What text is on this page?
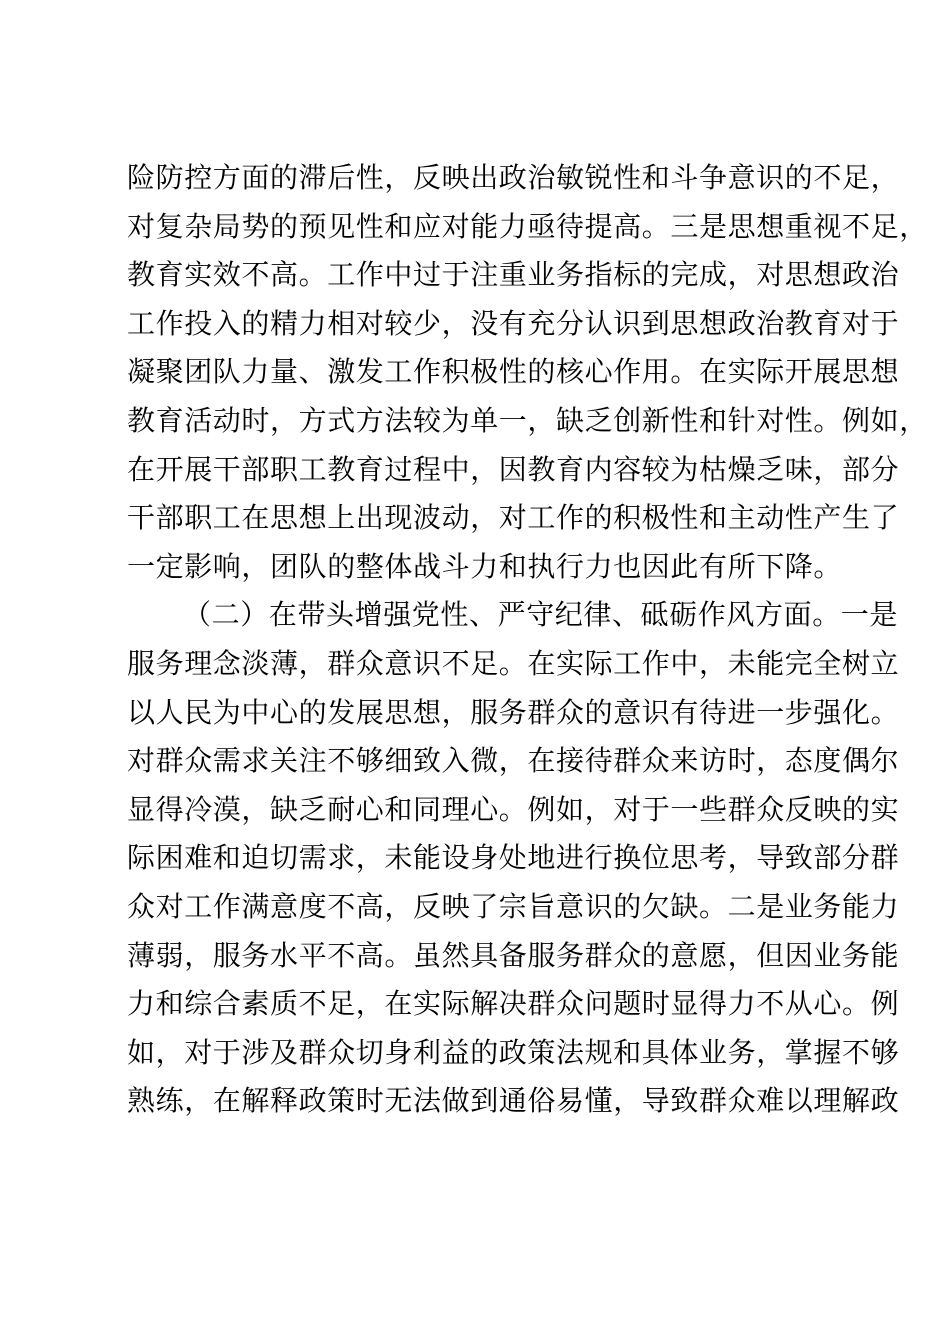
险防控方面的滞后性，反映出政治敏锐性和斗争意识的不足，
对复杂局势的预见性和应对能力亟待提高。三是思想重视不足，
教育实效不高。工作中过于注重业务指标的完成，对思想政治
工作投入的精力相对较少，没有充分认识到思想政治教育对于
凝聚团队力量、激发工作积极性的核心作用。在实际开展思想
教育活动时，方式方法较为单一，缺乏创新性和针对性。例如，
在开展干部职工教育过程中，因教育内容较为枯燥乏味，部分
干部职工在思想上出现波动，对工作的积极性和主动性产生了
一定影响，团队的整体战斗力和执行力也因此有所下降。
（二）在带头增强党性、严守纪律、砥砺作风方面。一是
服务理念淡薄，群众意识不足。在实际工作中，未能完全树立
以人民为中心的发展思想，服务群众的意识有待进一步强化。
对群众需求关注不够细致入微，在接待群众来访时，态度偶尔
显得冷漠，缺乏耐心和同理心。例如，对于一些群众反映的实
际困难和迫切需求，未能设身处地进行换位思考，导致部分群
众对工作满意度不高，反映了宗旨意识的欠缺。二是业务能力
薄弱，服务水平不高。虽然具备服务群众的意愿，但因业务能
力和综合素质不足，在实际解决群众问题时显得力不从心。例
如，对于涉及群众切身利益的政策法规和具体业务，掌握不够
熟练，在解释政策时无法做到通俗易懂，导致群众难以理解政
